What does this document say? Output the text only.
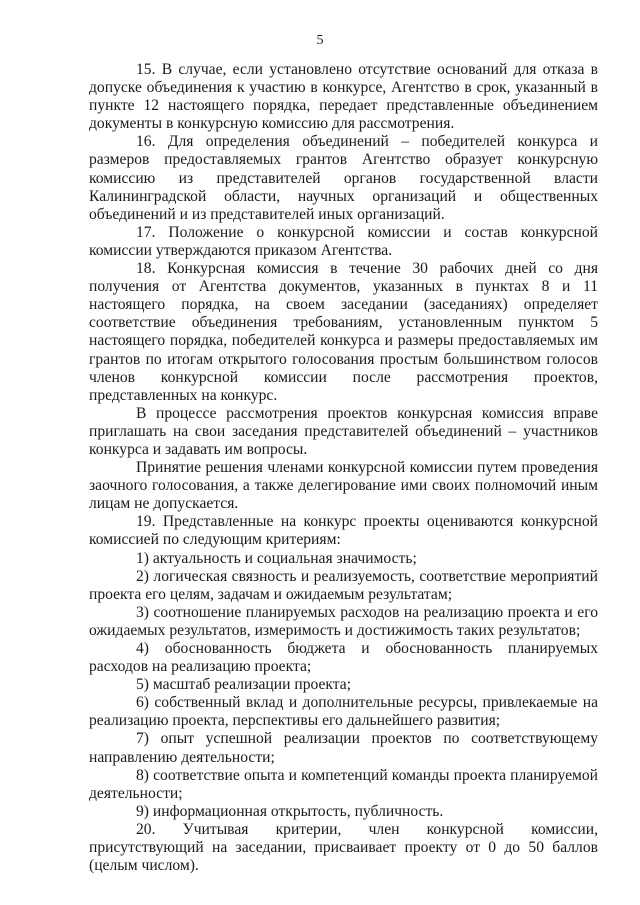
5

15. В случае, если установлено отсутствие оснований для отказа в допуске объединения к участию в конкурсе, Агентство в срок, указанный в пункте 12 настоящего порядка, передает представленные объединением документы в конкурсную комиссию для рассмотрения.

16. Для определения объединений – победителей конкурса и размеров предоставляемых грантов Агентство образует конкурсную комиссию из представителей органов государственной власти Калининградской области, научных организаций и общественных объединений и из представителей иных организаций.

17. Положение о конкурсной комиссии и состав конкурсной комиссии утверждаются приказом Агентства.

18. Конкурсная комиссия в течение 30 рабочих дней со дня получения от Агентства документов, указанных в пунктах 8 и 11 настоящего порядка, на своем заседании (заседаниях) определяет соответствие объединения требованиям, установленным пунктом 5 настоящего порядка, победителей конкурса и размеры предоставляемых им грантов по итогам открытого голосования простым большинством голосов членов конкурсной комиссии после рассмотрения проектов, представленных на конкурс.

В процессе рассмотрения проектов конкурсная комиссия вправе приглашать на свои заседания представителей объединений – участников конкурса и задавать им вопросы.

Принятие решения членами конкурсной комиссии путем проведения заочного голосования, а также делегирование ими своих полномочий иным лицам не допускается.

19. Представленные на конкурс проекты оцениваются конкурсной комиссией по следующим критериям:

1) актуальность и социальная значимость;

2) логическая связность и реализуемость, соответствие мероприятий проекта его целям, задачам и ожидаемым результатам;

3) соотношение планируемых расходов на реализацию проекта и его ожидаемых результатов, измеримость и достижимость таких результатов;

4) обоснованность бюджета и обоснованность планируемых расходов на реализацию проекта;

5) масштаб реализации проекта;

6) собственный вклад и дополнительные ресурсы, привлекаемые на реализацию проекта, перспективы его дальнейшего развития;

7) опыт успешной реализации проектов по соответствующему направлению деятельности;

8) соответствие опыта и компетенций команды проекта планируемой деятельности;

9) информационная открытость, публичность.

20. Учитывая критерии, член конкурсной комиссии, присутствующий на заседании, присваивает проекту от 0 до 50 баллов (целым числом).
